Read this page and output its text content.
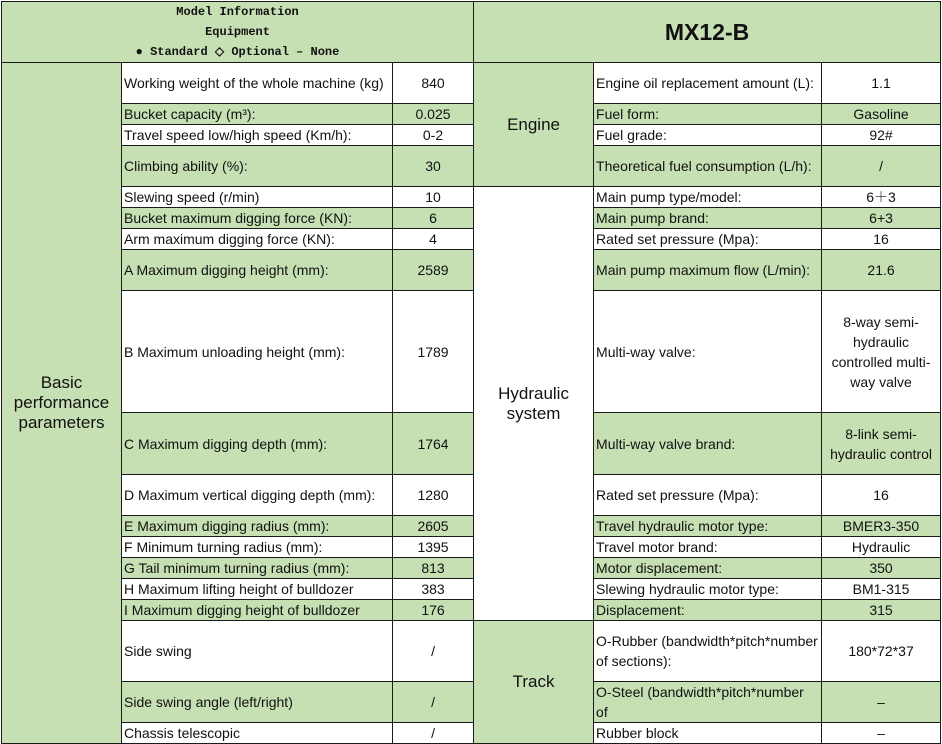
Model Information
Equipment
● Standard ◇ Optional – None			MX12-B		
Basic performance parameters	Working weight of the whole machine (kg)	840	Engine	Engine oil replacement amount (L):	1.1
	Bucket capacity (m³):	0.025		Fuel form:	Gasoline
	Travel speed low/high speed (Km/h):	0-2		Fuel grade:	92#
	Climbing ability (%):	30		Theoretical fuel consumption (L/h):	/
	Slewing speed (r/min)	10	Hydraulic system	Main pump type/model:	6＋3
	Bucket maximum digging force (KN):	6		Main pump brand:	6+3
	Arm maximum digging force (KN):	4		Rated set pressure (Mpa):	16
	A Maximum digging height (mm):	2589		Main pump maximum flow (L/min):	21.6
	B Maximum unloading height (mm):	1789		Multi-way valve:	8-way semi-hydraulic controlled multi-way valve
	C Maximum digging depth (mm):	1764		Multi-way valve brand:	8-link semi-hydraulic control
	D Maximum vertical digging depth (mm):	1280		Rated set pressure (Mpa):	16
	E Maximum digging radius (mm):	2605		Travel hydraulic motor type:	BMER3-350
	F Minimum turning radius (mm):	1395		Travel motor brand:	Hydraulic
	G Tail minimum turning radius (mm):	813		Motor displacement:	350
	H Maximum lifting height of bulldozer	383		Slewing hydraulic motor type:	BM1-315
	I Maximum digging height of bulldozer	176		Displacement:	315
	Side swing	/	Track	O-Rubber (bandwidth*pitch*number of sections):	180*72*37
	Side swing angle (left/right)	/		O-Steel (bandwidth*pitch*number of	–
	Chassis telescopic	/		Rubber block	–
